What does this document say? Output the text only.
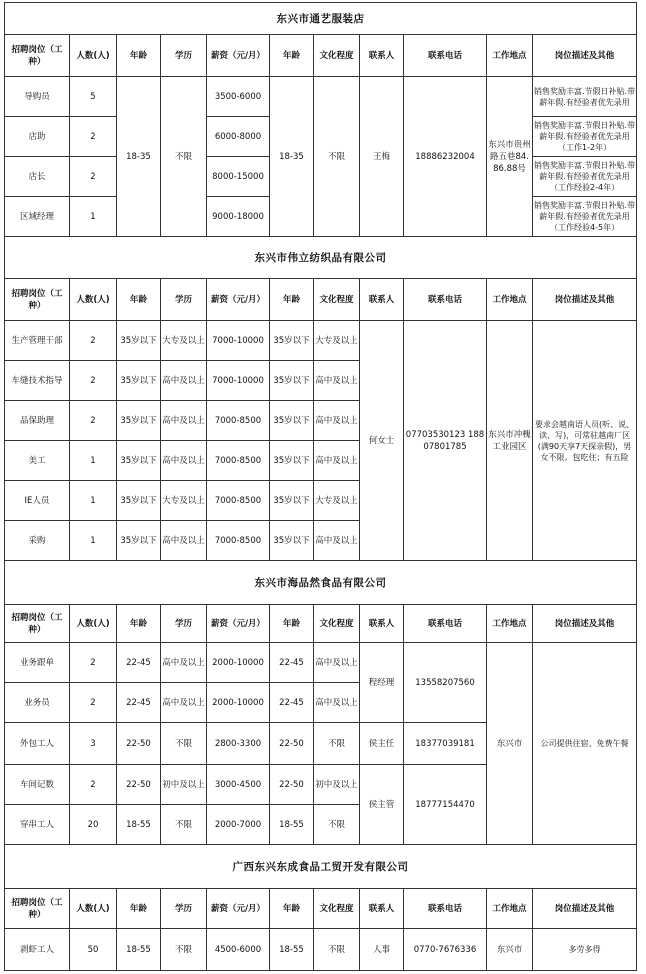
东兴市通艺服装店										
招聘岗位（工种）	人数(人)	年龄	学历	薪资（元/月）	年龄	文化程度	联系人	联系电话	工作地点	岗位描述及其他
导购员	5	18-35	不限	3500-6000	18-35	不限	王梅	18886232004	东兴市贵州路五巷84.86.88号	销售奖励丰富.节假日补贴.带薪年假.有经验者优先录用
店助	2			6000-8000						销售奖励丰富.节假日补贴.带薪年假.有经验者优先录用（工作1-2年）
店长	2			8000-15000						销售奖励丰富.节假日补贴.带薪年假.有经验者优先录用（工作经验2-4年）
区域经理	1			9000-18000						销售奖励丰富.节假日补贴.带薪年假.有经验者优先录用（工作经验4-5年）
东兴市伟立纺织品有限公司										
招聘岗位（工种）	人数(人)	年龄	学历	薪资（元/月）	年龄	文化程度	联系人	联系电话	工作地点	岗位描述及其他
生产管理干部	2	35岁以下	大专及以上	7000-10000	35岁以下	大专及以上	何女士	07703530123 18807801785	东兴市冲槐工业园区	要求会越南语人员(听、说、读、写)，可常驻越南厂区(满90天享7天探亲假)，男女不限。包吃住；有五险
车缝技术指导	2	35岁以下	高中及以上	7000-10000	35岁以下	高中及以上				
品保助理	2	35岁以下	高中及以上	7000-8500	35岁以下	高中及以上				
美工	1	35岁以下	高中及以上	7000-8500	35岁以下	高中及以上				
IE人员	1	35岁以下	大专及以上	7000-8500	35岁以下	大专及以上				
采购	1	35岁以下	高中及以上	7000-8500	35岁以下	高中及以上				
东兴市海品然食品有限公司										
招聘岗位（工种）	人数(人)	年龄	学历	薪资（元/月）	年龄	文化程度	联系人	联系电话	工作地点	岗位描述及其他
业务跟单	2	22-45	高中及以上	2000-10000	22-45	高中及以上	程经理	13558207560	东兴市	公司提供住宿、免费午餐
业务员	2	22-45	高中及以上	2000-10000	22-45	高中及以上				
外包工人	3	22-50	不限	2800-3300	22-50	不限	侯主任	18377039181		
车间记数	2	22-50	初中及以上	3000-4500	22-50	初中及以上	侯主管	18777154470		
穿串工人	20	18-55	不限	2000-7000	18-55	不限				
广西东兴东成食品工贸开发有限公司										
招聘岗位（工种）	人数(人)	年龄	学历	薪资（元/月）	年龄	文化程度	联系人	联系电话	工作地点	岗位描述及其他
剥虾工人	50	18-55	不限	4500-6000	18-55	不限	人事	0770-7676336	东兴市	多劳多得
